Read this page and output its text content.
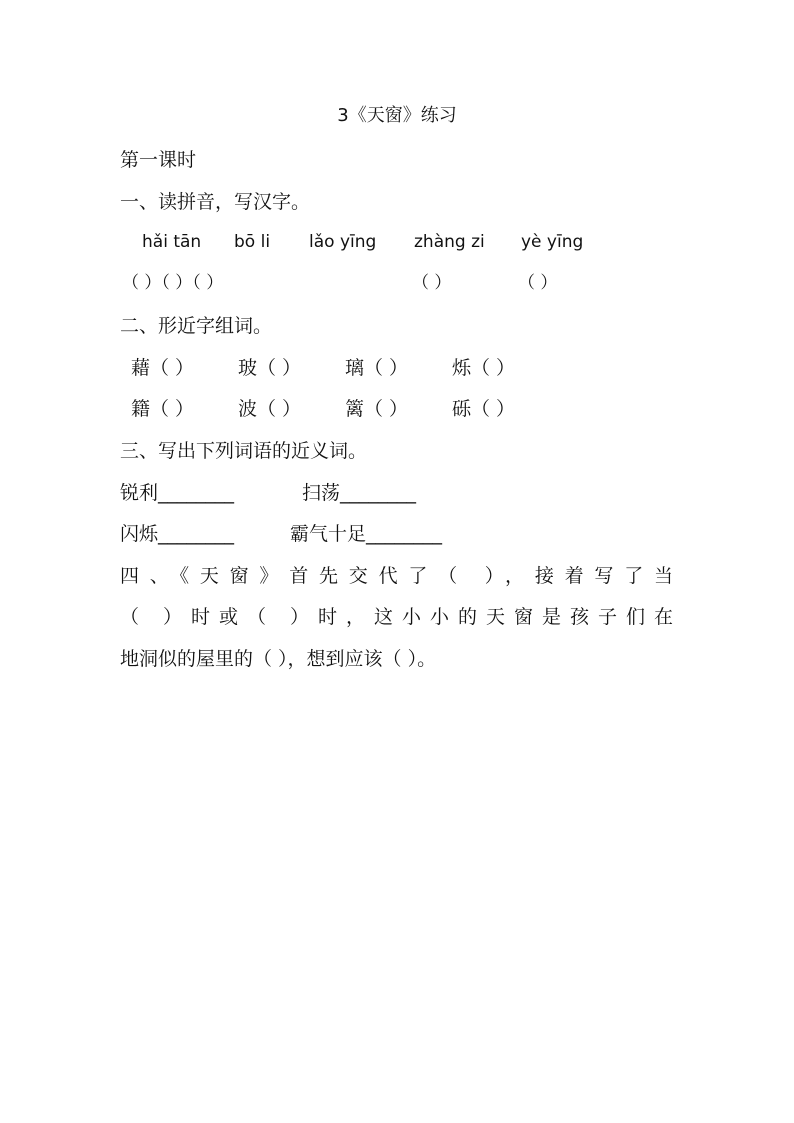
3《天窗》练习
第一课时
一、读拼音，写汉字。
hǎi tān bō li lǎo yīng zhàng zi yè yīng
（ ）（ ）（ ）	（ ）	（ ）
二、形近字组词。
藉（ ） 玻（ ） 璃（ ） 烁（ ）
籍（ ） 波（ ） 篱（ ） 砾（ ）
三、写出下列词语的近义词。
锐利________	扫荡________
闪烁________	霸气十足________
四、《天窗》首先交代了（ ），接着写了当
（ ）时或（ ）时，这小小的天窗是孩子们在
地洞似的屋里的（ ），想到应该（ ）。
